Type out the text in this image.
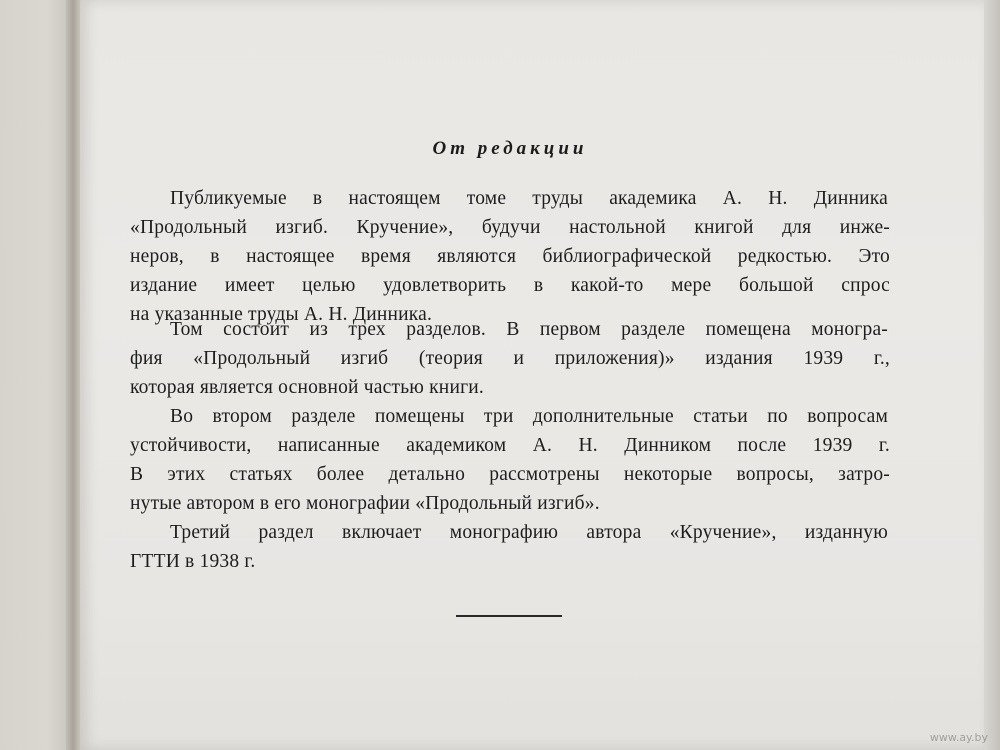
От редакции
Публикуемые в настоящем томе труды академика А. Н. Динника
«Продольный изгиб. Кручение», будучи настольной книгой для инже-
неров, в настоящее время являются библиографической редкостью. Это
издание имеет целью удовлетворить в какой-то мере большой спрос
на указанные труды А. Н. Динника.
Том состоит из трех разделов. В первом разделе помещена моногра-
фия «Продольный изгиб (теория и приложения)» издания 1939 г.,
которая является основной частью книги.
Во втором разделе помещены три дополнительные статьи по вопросам
устойчивости, написанные академиком А. Н. Динником после 1939 г.
В этих статьях более детально рассмотрены некоторые вопросы, затро-
нутые автором в его монографии «Продольный изгиб».
Третий раздел включает монографию автора «Кручение», изданную
ГТТИ в 1938 г.
www.ay.by
